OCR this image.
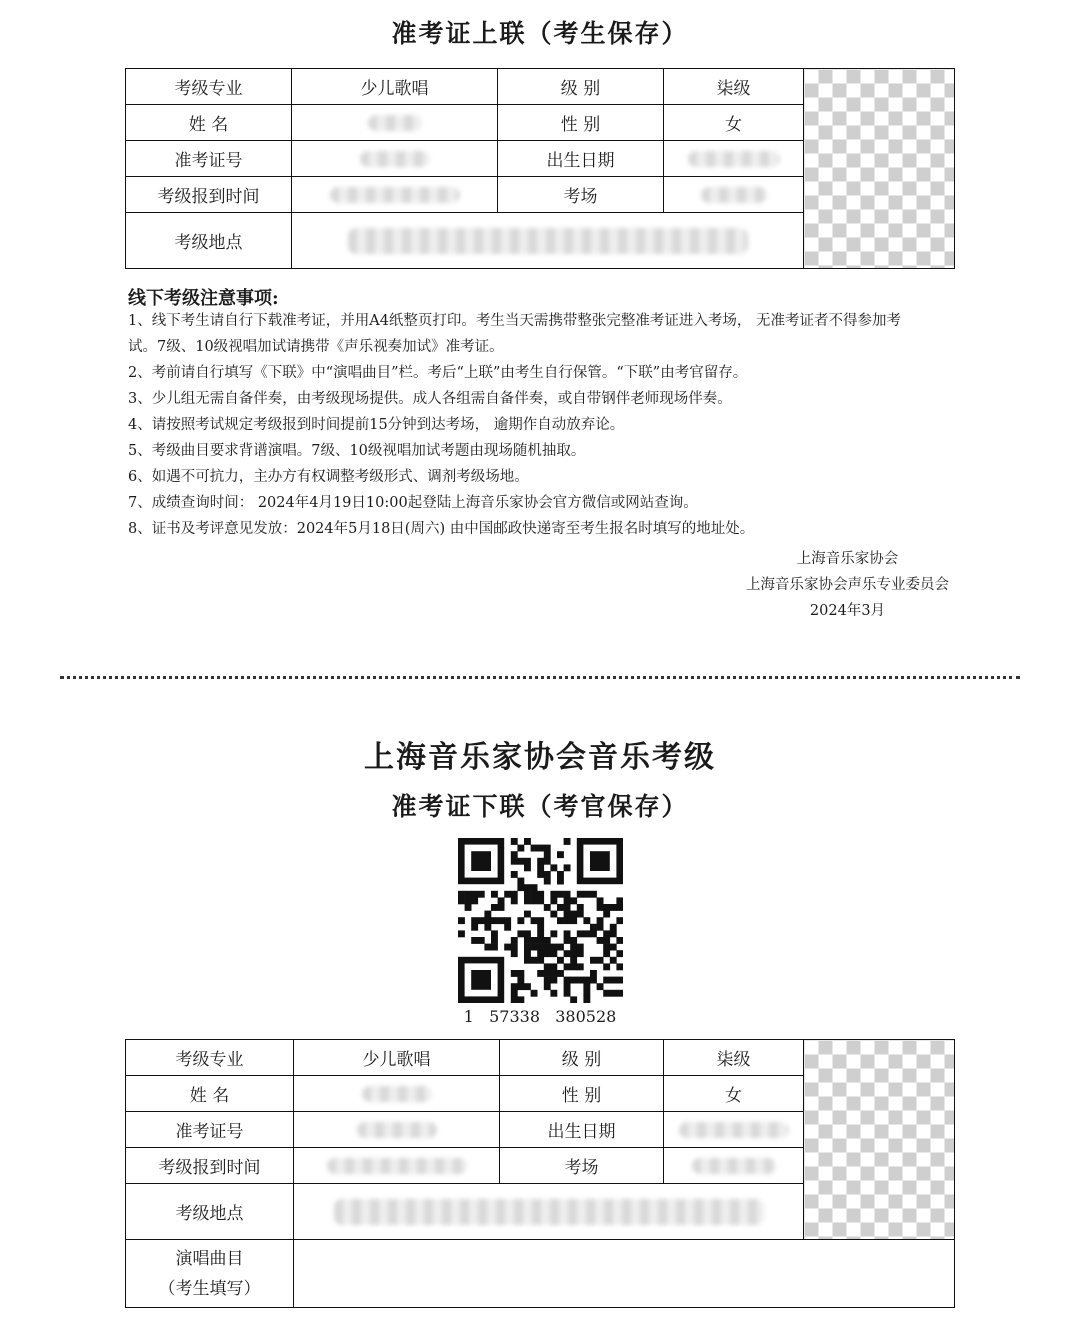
准考证上联（考生保存）
考级专业	少儿歌唱	级 别	柒级	
姓 名		性 别	女	
准考证号		出生日期		
考级报到时间		考场		
考级地点				
线下考级注意事项:
1、线下考生请自行下载准考证，并用A4纸整页打印。考生当天需携带整张完整准考证进入考场， 无准考证者不得参加考
试。7级、10级视唱加试请携带《声乐视奏加试》准考证。
2、考前请自行填写《下联》中“演唱曲目”栏。考后“上联”由考生自行保管。“下联”由考官留存。
3、少儿组无需自备伴奏，由考级现场提供。成人各组需自备伴奏，或自带钢伴老师现场伴奏。
4、请按照考试规定考级报到时间提前15分钟到达考场， 逾期作自动放弃论。
5、考级曲目要求背谱演唱。7级、10级视唱加试考题由现场随机抽取。
6、如遇不可抗力，主办方有权调整考级形式、调剂考级场地。
7、成绩查询时间： 2024年4月19日10:00起登陆上海音乐家协会官方微信或网站查询。
8、证书及考评意见发放：2024年5月18日(周六) 由中国邮政快递寄至考生报名时填写的地址处。
上海音乐家协会
上海音乐家协会声乐专业委员会
2024年3月
上海音乐家协会音乐考级
准考证下联（考官保存）
1   57338   380528
考级专业	少儿歌唱	级 别	柒级	
姓 名		性 别	女	
准考证号		出生日期		
考级报到时间		考场		
考级地点				

演唱曲目
（考生填写）				
